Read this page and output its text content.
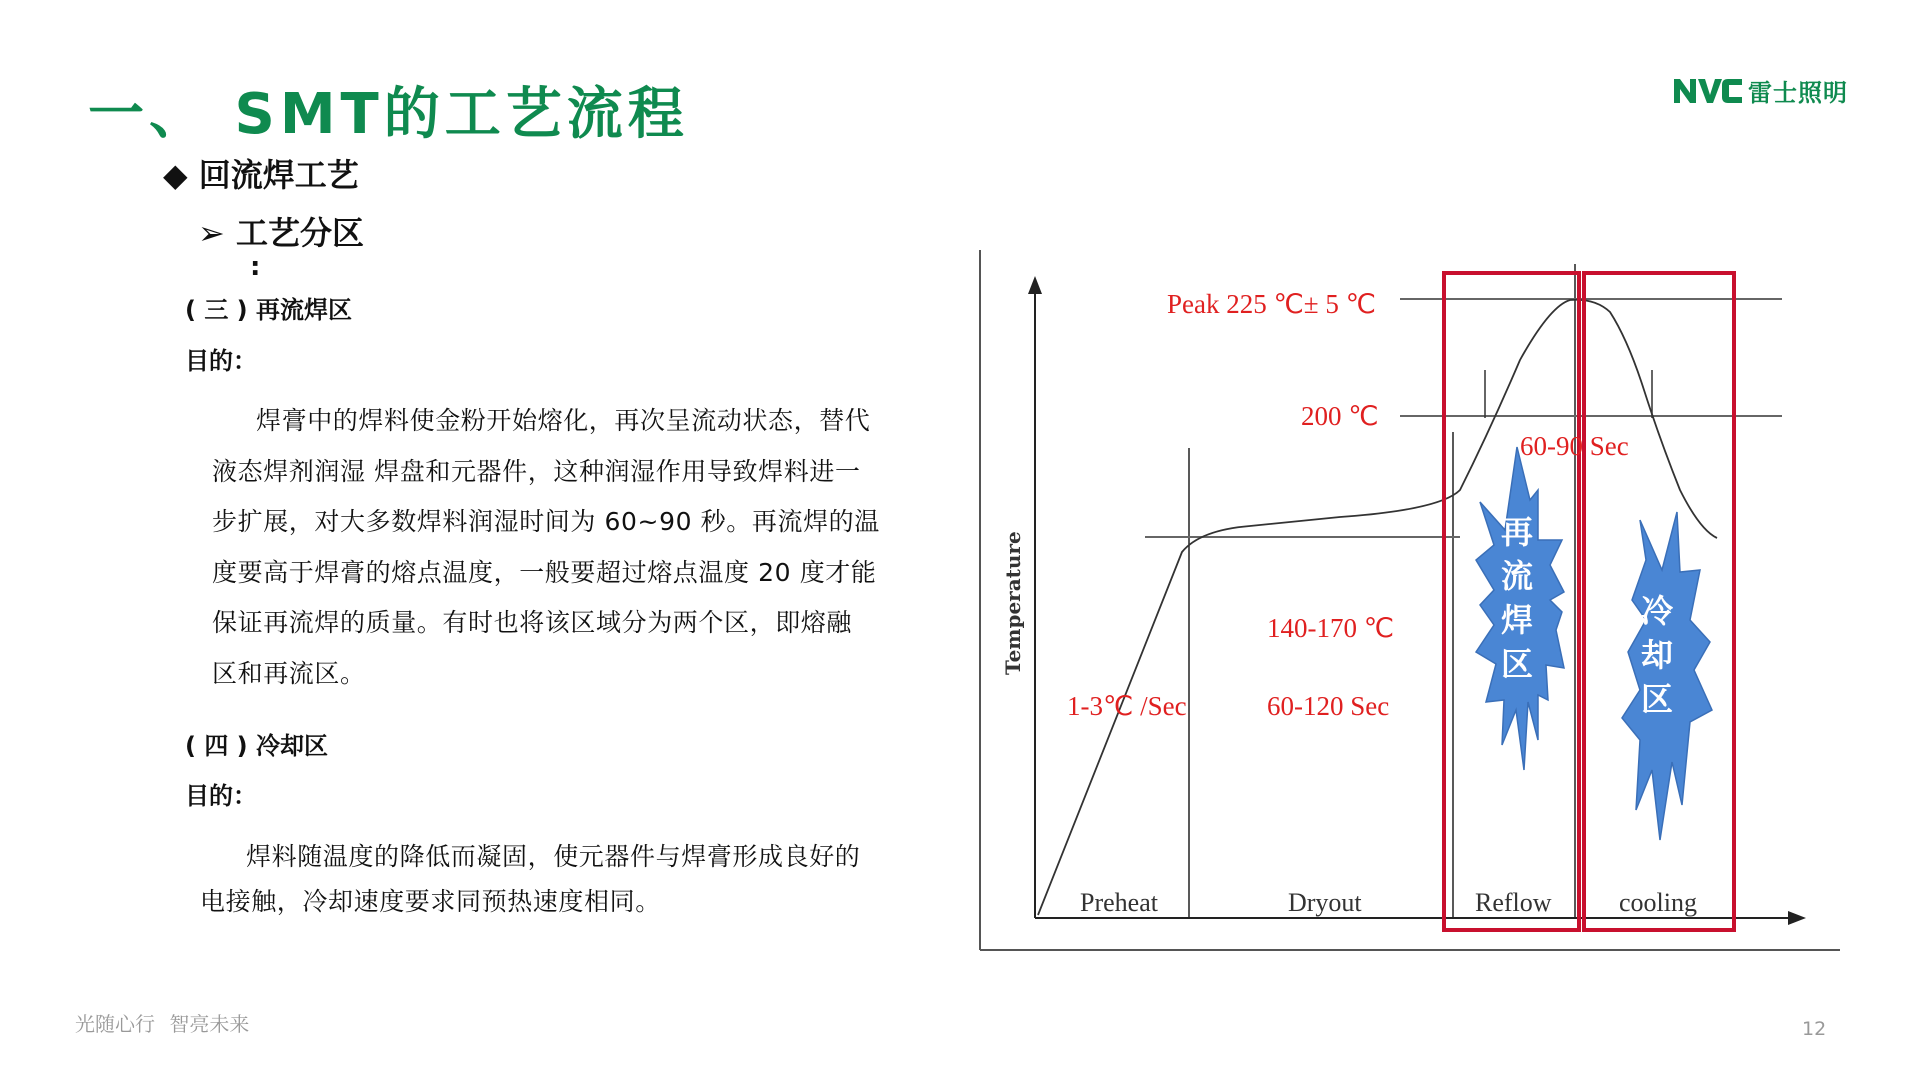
一、 SMT的工艺流程	雷士照明
◆ 回流焊工艺
➢ 工艺分区
:
( 三 ) 再流焊区
目的：
焊膏中的焊料使金粉开始熔化，再次呈流动状态，替代
液态焊剂润湿 焊盘和元器件，这种润湿作用导致焊料进一
步扩展，对大多数焊料润湿时间为 60~90 秒。再流焊的温
度要高于焊膏的熔点温度，一般要超过熔点温度 20 度才能
保证再流焊的质量。有时也将该区域分为两个区，即熔融
区和再流区。
( 四 ) 冷却区
目的：
焊料随温度的降低而凝固，使元器件与焊膏形成良好的
电接触，冷却速度要求同预热速度相同。
再
流
焊
区
冷
却
区
Peak 225 ℃± 5 ℃
200 ℃
60-90 Sec
140-170 ℃
60-120 Sec
1-3℃ /Sec
Temperature
Preheat	Dryout	Reflow	cooling
光随心行 智亮未来	12
